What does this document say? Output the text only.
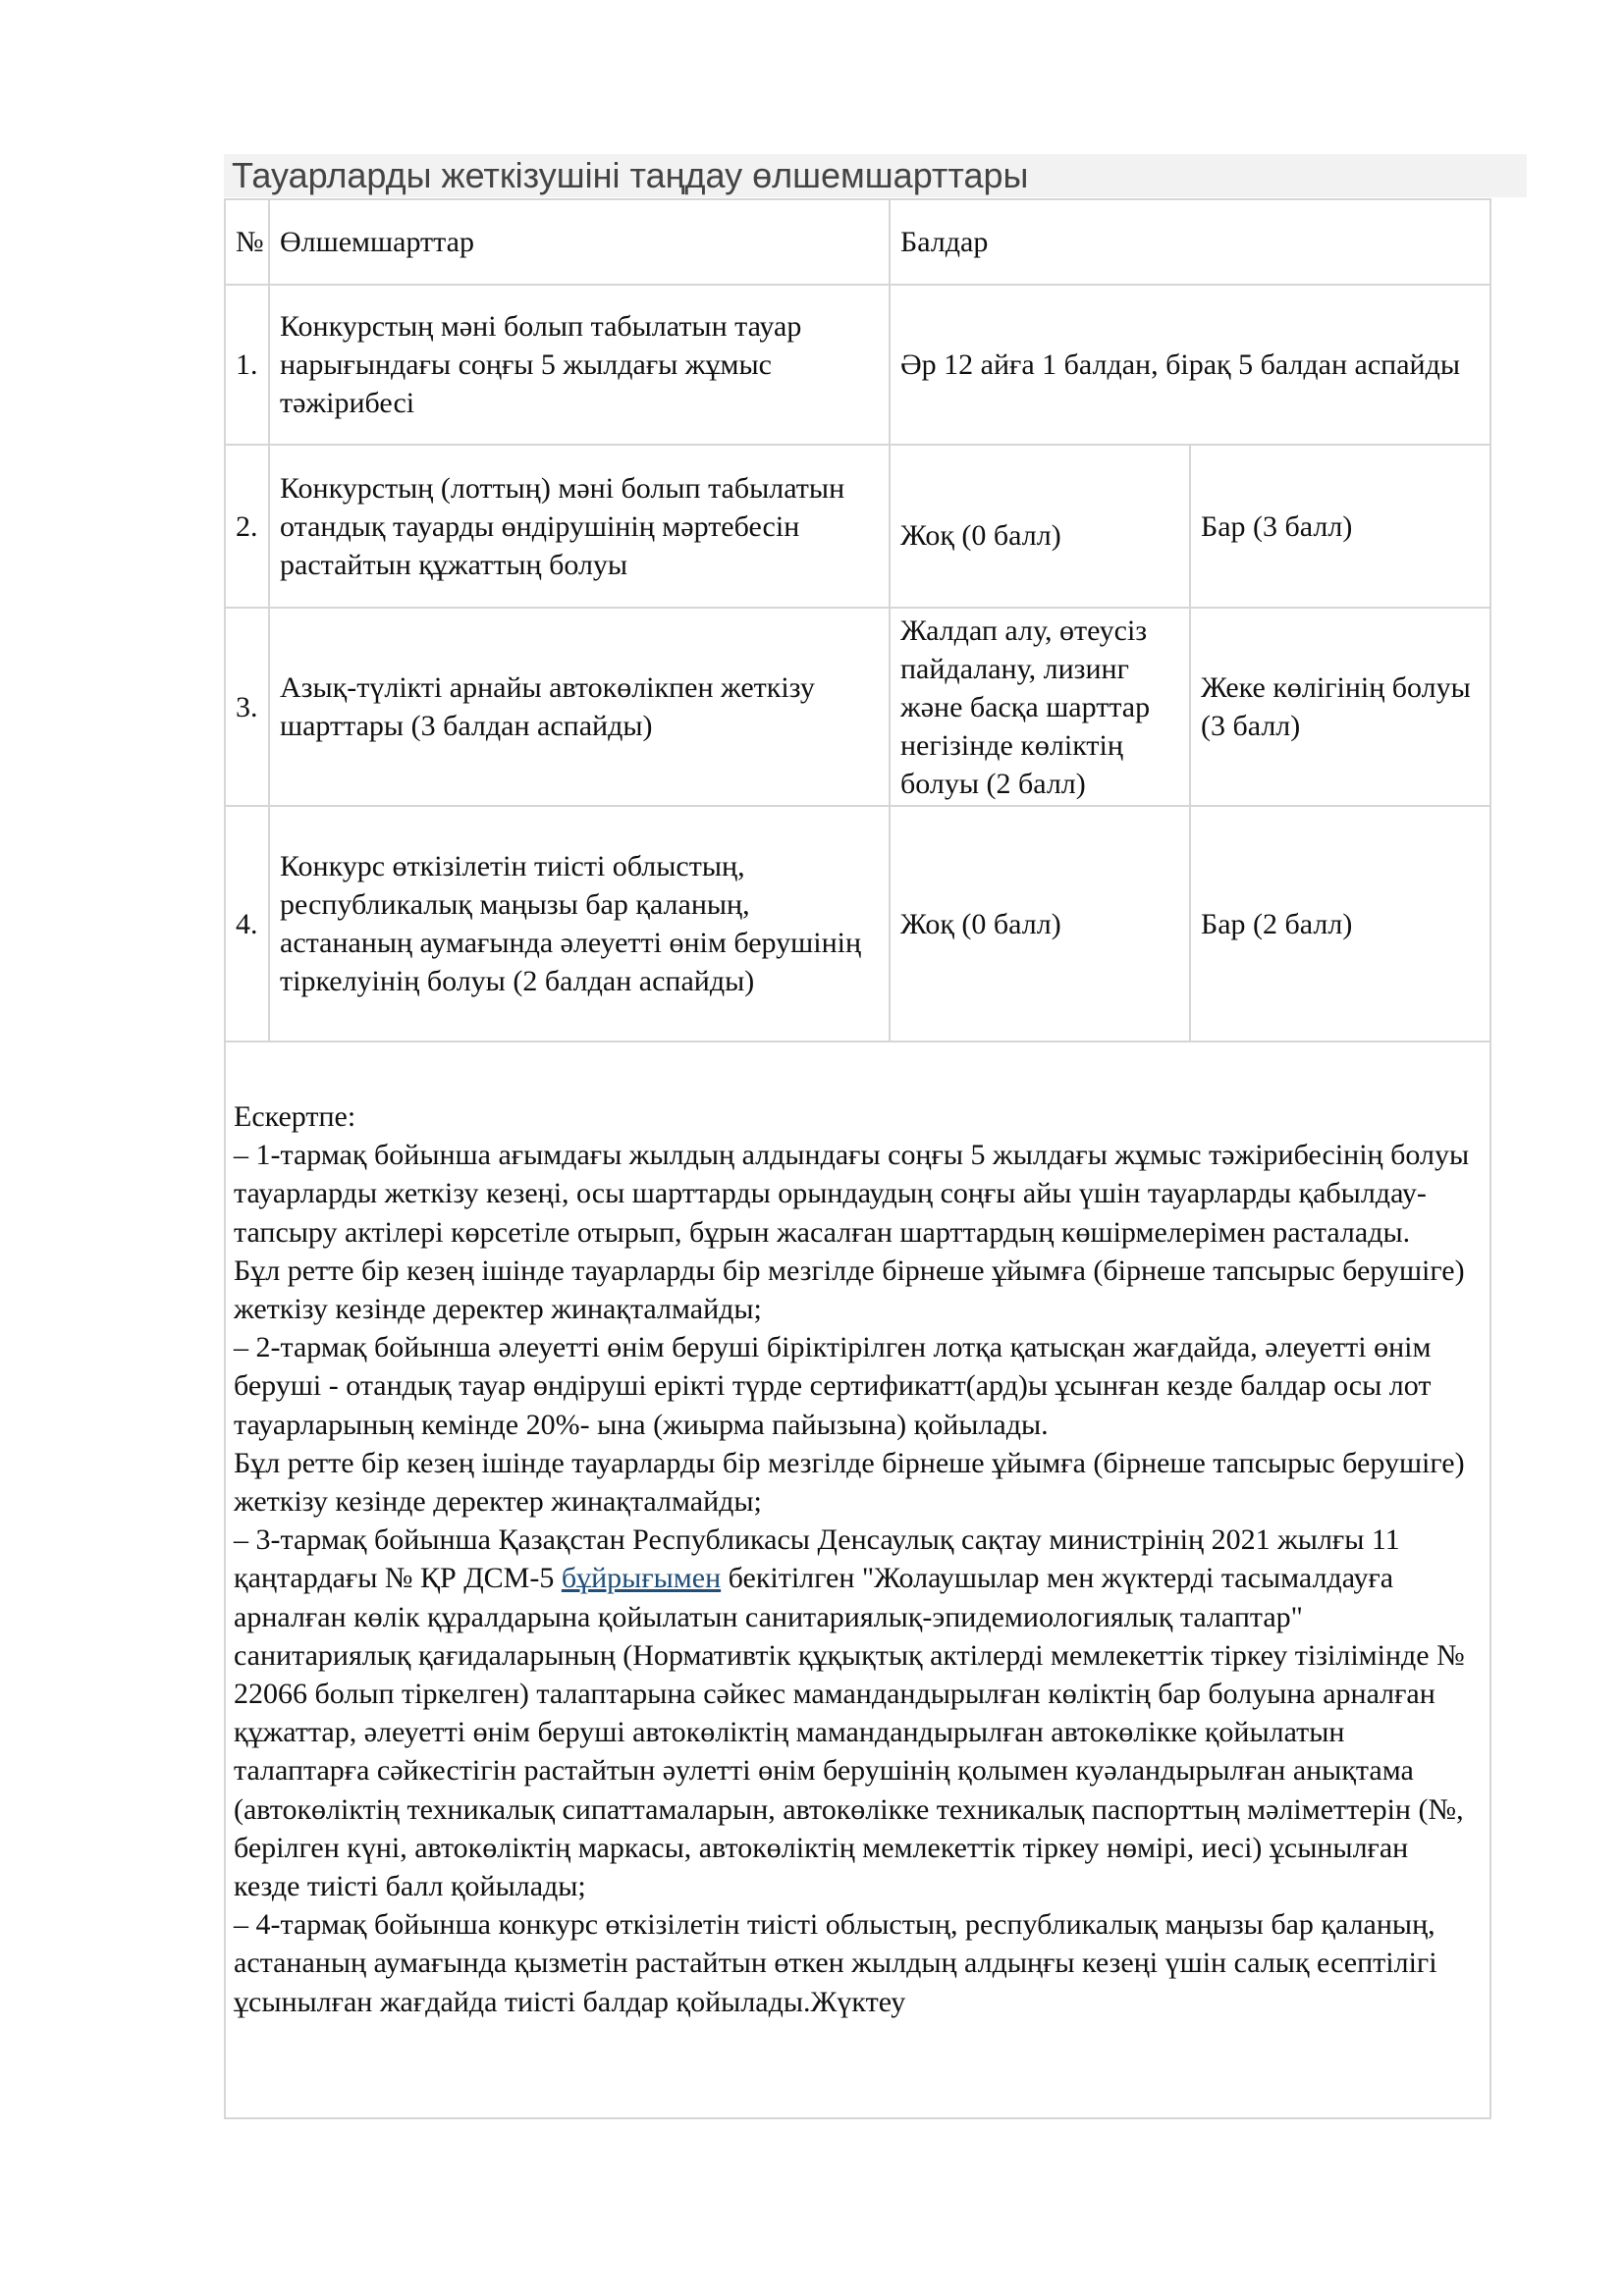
Тауарларды жеткізушіні таңдау өлшемшарттары
№	Өлшемшарттар	Балдар	
1.	Конкурстың мәні болып табылатын тауар нарығындағы соңғы 5 жылдағы жұмыс тәжірибесі	Әр 12 айға 1 балдан, бірақ 5 балдан аспайды	
2.	Конкурстың (лоттың) мәні болып табылатын отандық тауарды өндірушінің мәртебесін растайтын құжаттың болуы	Жоқ (0 балл)	Бар (3 балл)
3.	Азық-түлікті арнайы автокөлікпен жеткізу шарттары (3 балдан аспайды)	Жалдап алу, өтеусіз пайдалану, лизинг және басқа шарттар негізінде көліктің болуы (2 балл)	Жеке көлігінің болуы (3 балл)
4.	Конкурс өткізілетін тиісті облыстың, республикалық маңызы бар қаланың, астананың аумағында әлеуетті өнім берушінің тіркелуінің болуы (2 балдан аспайды)	Жоқ (0 балл)	Бар (2 балл)

Ескертпе:

– 1-тармақ бойынша ағымдағы жылдың алдындағы соңғы 5 жылдағы жұмыс тәжірибесінің болуы тауарларды жеткізу кезеңі, осы шарттарды орындаудың соңғы айы үшін тауарларды қабылдау-тапсыру актілері көрсетіле отырып, бұрын жасалған шарттардың көшірмелерімен расталады.

Бұл ретте бір кезең ішінде тауарларды бір мезгілде бірнеше ұйымға (бірнеше тапсырыс берушіге) жеткізу кезінде деректер жинақталмайды;

– 2-тармақ бойынша әлеуетті өнім беруші біріктірілген лотқа қатысқан жағдайда, әлеуетті өнім беруші - отандық тауар өндіруші ерікті түрде сертификатт(ард)ы ұсынған кезде балдар осы лот тауарларының кемінде 20%- ына (жиырма пайызына) қойылады.

Бұл ретте бір кезең ішінде тауарларды бір мезгілде бірнеше ұйымға (бірнеше тапсырыс берушіге) жеткізу кезінде деректер жинақталмайды;

– 3-тармақ бойынша Қазақстан Республикасы Денсаулық сақтау министрінің 2021 жылғы 11 қаңтардағы № ҚР ДСМ-5 бұйрығымен бекітілген "Жолаушылар мен жүктерді тасымалдауға арналған көлік құралдарына қойылатын санитариялық-эпидемиологиялық талаптар" санитариялық қағидаларының (Нормативтік құқықтық актілерді мемлекеттік тіркеу тізілімінде № 22066 болып тіркелген) талаптарына сәйкес мамандандырылған көліктің бар болуына арналған құжаттар, әлеуетті өнім беруші автокөліктің мамандандырылған автокөлікке қойылатын талаптарға сәйкестігін растайтын әулетті өнім берушінің қолымен куәландырылған анықтама (автокөліктің техникалық сипаттамаларын, автокөлікке техникалық паспорттың мәліметтерін (№, берілген күні, автокөліктің маркасы, автокөліктің мемлекеттік тіркеу нөмірі, иесі) ұсынылған кезде тиісті балл қойылады;

– 4-тармақ бойынша конкурс өткізілетін тиісті облыстың, республикалық маңызы бар қаланың, астананың аумағында қызметін растайтын өткен жылдың алдыңғы кезеңі үшін салық есептілігі ұсынылған жағдайда тиісті балдар қойылады.Жүктеу
